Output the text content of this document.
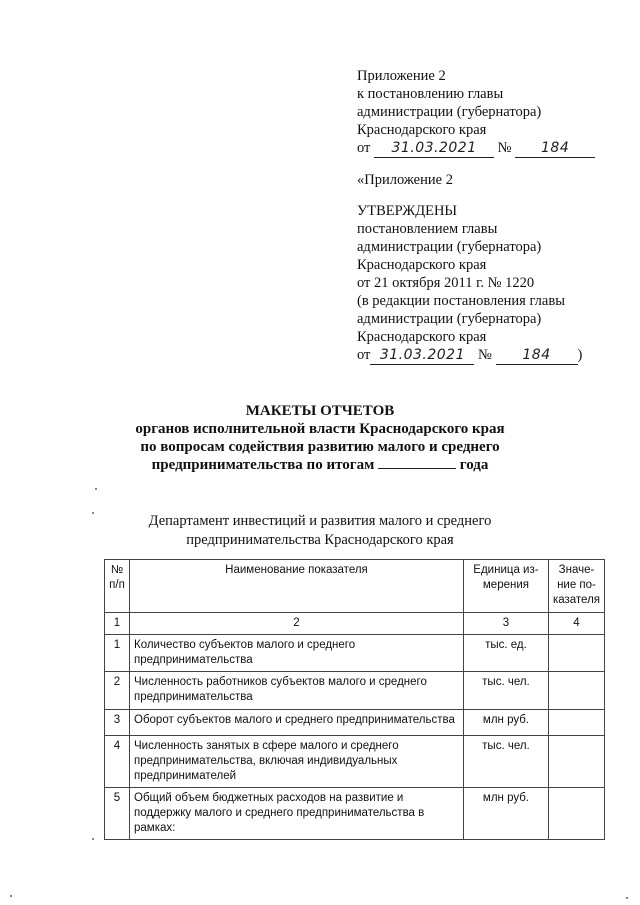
Приложение 2
к постановлению главы
администрации (губернатора)
Краснодарского края
от 31.03.2021 № 184
«Приложение 2
УТВЕРЖДЕНЫ
постановлением главы
администрации (губернатора)
Краснодарского края
от 21 октября 2011 г. № 1220
(в редакции постановления главы
администрации (губернатора)
Краснодарского края
от 31.03.2021 № 184 )
МАКЕТЫ ОТЧЕТОВ
органов исполнительной власти Краснодарского края
по вопросам содействия развитию малого и среднего
предпринимательства по итогам	года
Департамент инвестиций и развития малого и среднего
предпринимательства Краснодарского края
№ п/п	Наименование показателя	Единица из-мерения	Значе-ние по-казателя
1	2	3	4
1	Количество субъектов малого и среднего предпринимательства	тыс. ед.	
2	Численность работников субъектов малого и среднего предпринимательства	тыс. чел.	
3	Оборот субъектов малого и среднего предпринимательства	млн руб.	
4	Численность занятых в сфере малого и среднего предпринимательства, включая индивидуальных предпринимателей	тыс. чел.	
5	Общий объем бюджетных расходов на развитие и поддержку малого и среднего предпринимательства в рамках:	млн руб.	
